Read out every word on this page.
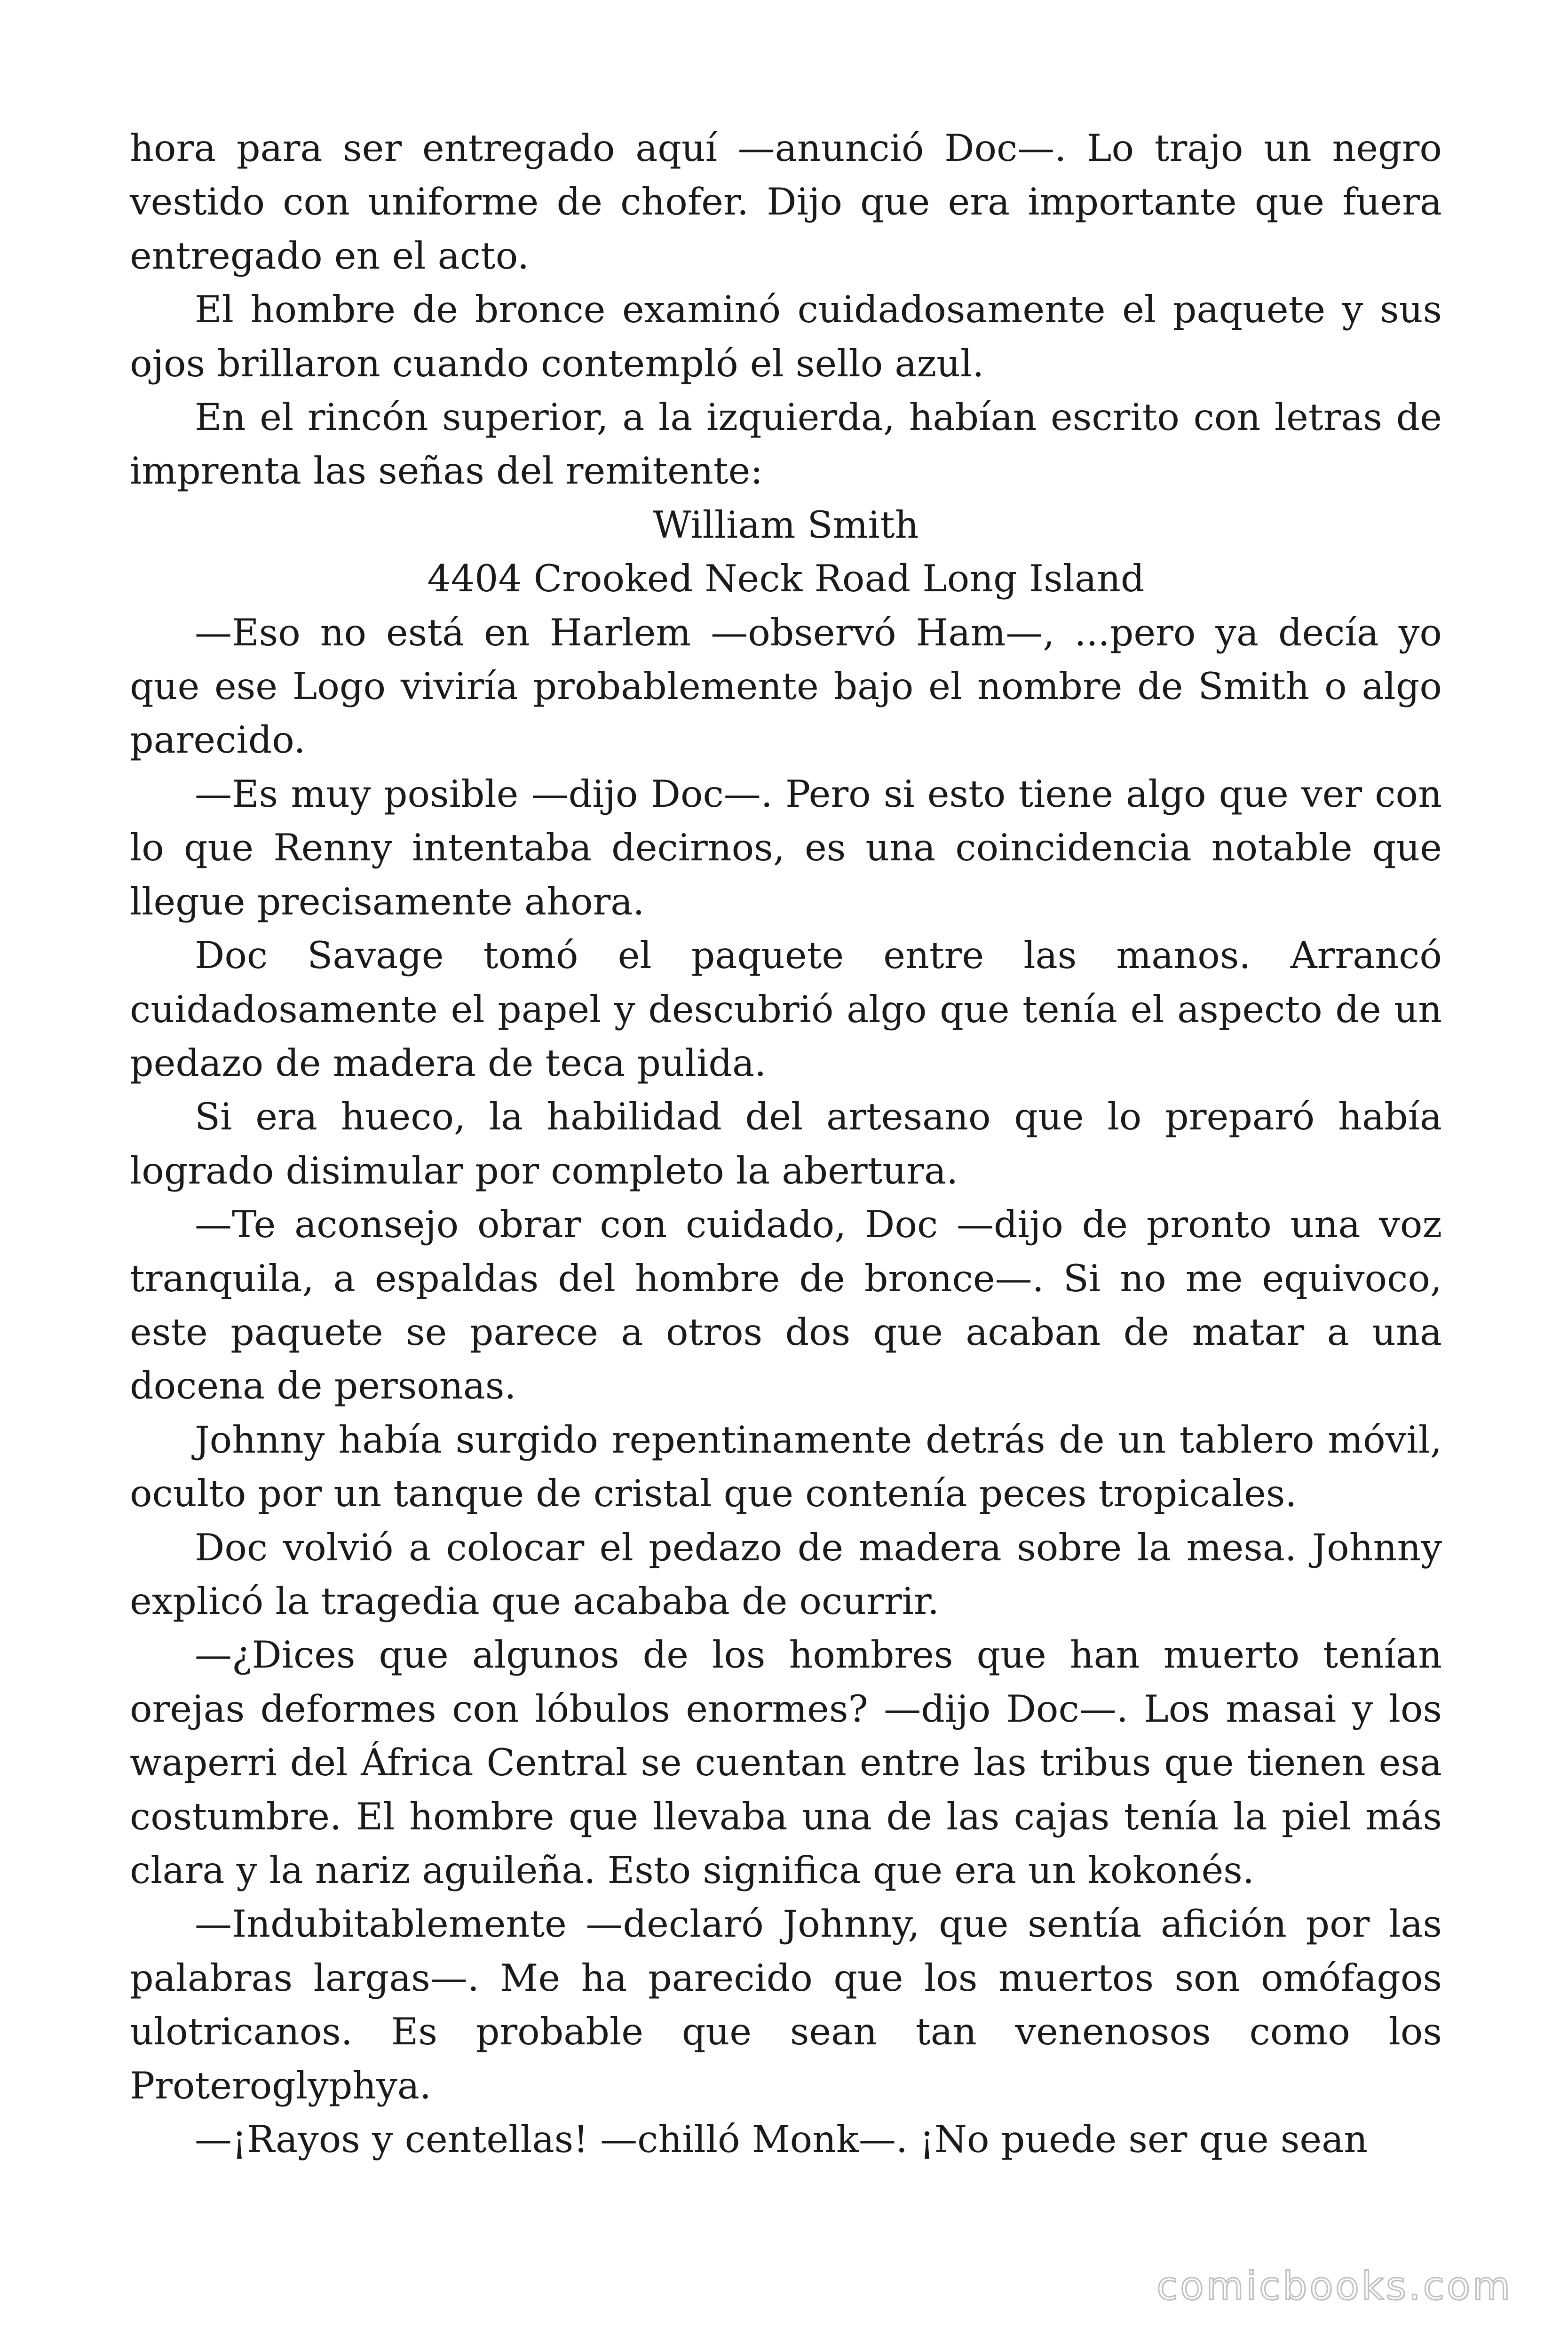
hora para ser entregado aquí —anunció Doc—. Lo trajo un negro vestido con uniforme de chofer. Dijo que era importante que fuera entregado en el acto.

El hombre de bronce examinó cuidadosamente el paquete y sus ojos brillaron cuando contempló el sello azul.

En el rincón superior, a la izquierda, habían escrito con letras de imprenta las señas del remitente:

William Smith

4404 Crooked Neck Road Long Island

—Eso no está en Harlem —observó Ham—, ...pero ya decía yo que ese Logo viviría probablemente bajo el nombre de Smith o algo parecido.

—Es muy posible —dijo Doc—. Pero si esto tiene algo que ver con lo que Renny intentaba decirnos, es una coincidencia notable que llegue precisamente ahora.

Doc Savage tomó el paquete entre las manos. Arrancó cuidadosamente el papel y descubrió algo que tenía el aspecto de un pedazo de madera de teca pulida.

Si era hueco, la habilidad del artesano que lo preparó había logrado disimular por completo la abertura.

—Te aconsejo obrar con cuidado, Doc —dijo de pronto una voz tranquila, a espaldas del hombre de bronce—. Si no me equivoco, este paquete se parece a otros dos que acaban de matar a una docena de personas.

Johnny había surgido repentinamente detrás de un tablero móvil, oculto por un tanque de cristal que contenía peces tropicales.

Doc volvió a colocar el pedazo de madera sobre la mesa. Johnny explicó la tragedia que acababa de ocurrir.

—¿Dices que algunos de los hombres que han muerto tenían orejas deformes con lóbulos enormes? —dijo Doc—. Los masai y los waperri del África Central se cuentan entre las tribus que tienen esa costumbre. El hombre que llevaba una de las cajas tenía la piel más clara y la nariz aguileña. Esto significa que era un kokonés.

—Indubitablemente —declaró Johnny, que sentía afición por las palabras largas—. Me ha parecido que los muertos son omófagos ulotricanos. Es probable que sean tan venenosos como los Proteroglyphya.

—¡Rayos y centellas! —chilló Monk—. ¡No puede ser que sean

comicbooks.com
